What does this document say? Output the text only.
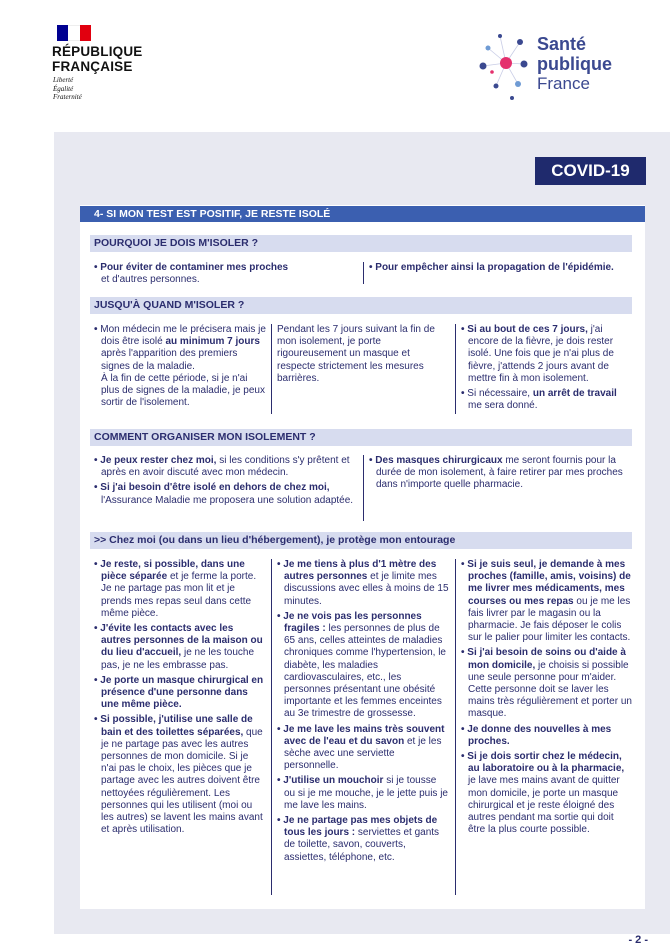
RÉPUBLIQUE
FRANÇAISE
Liberté
Égalité
Fraternité
Santé
publique
France
COVID-19
4- SI MON TEST EST POSITIF, JE RESTE ISOLÉ
POURQUOI JE DOIS M'ISOLER ?
• Pour éviter de contaminer mes proches
et d'autres personnes.
• Pour empêcher ainsi la propagation de l'épidémie.
JUSQU'À QUAND M'ISOLER ?
• Mon médecin me le précisera mais je dois être isolé au minimum 7 jours après l'apparition des premiers signes de la maladie.
À la fin de cette période, si je n'ai plus de signes de la maladie, je peux sortir de l'isolement.
Pendant les 7 jours suivant la fin de mon isolement, je porte rigoureusement un masque et respecte strictement les mesures barrières.

• Si au bout de ces 7 jours, j'ai encore de la fièvre, je dois rester isolé. Une fois que je n'ai plus de fièvre, j'attends 2 jours avant de mettre fin à mon isolement.

• Si nécessaire, un arrêt de travail me sera donné.
COMMENT ORGANISER MON ISOLEMENT ?

• Je peux rester chez moi, si les conditions s'y prêtent et après en avoir discuté avec mon médecin.

• Si j'ai besoin d'être isolé en dehors de chez moi, l'Assurance Maladie me proposera une solution adaptée.
• Des masques chirurgicaux me seront fournis pour la durée de mon isolement, à faire retirer par mes proches dans n'importe quelle pharmacie.
>> Chez moi (ou dans un lieu d'hébergement), je protège mon entourage

• Je reste, si possible, dans une pièce séparée et je ferme la porte. Je ne partage pas mon lit et je prends mes repas seul dans cette même pièce.

• J'évite les contacts avec les autres personnes de la maison ou du lieu d'accueil, je ne les touche pas, je ne les embrasse pas.

• Je porte un masque chirurgical en présence d'une personne dans une même pièce.

• Si possible, j'utilise une salle de bain et des toilettes séparées, que je ne partage pas avec les autres personnes de mon domicile. Si je n'ai pas le choix, les pièces que je partage avec les autres doivent être nettoyées régulièrement. Les personnes qui les utilisent (moi ou les autres) se lavent les mains avant et après utilisation.

• Je me tiens à plus d'1 mètre des autres personnes et je limite mes discussions avec elles à moins de 15 minutes.

• Je ne vois pas les personnes fragiles : les personnes de plus de 65 ans, celles atteintes de maladies chroniques comme l'hypertension, le diabète, les maladies cardiovasculaires, etc., les personnes présentant une obésité importante et les femmes enceintes au 3e trimestre de grossesse.

• Je me lave les mains très souvent avec de l'eau et du savon et je les sèche avec une serviette personnelle.

• J'utilise un mouchoir si je tousse ou si je me mouche, je le jette puis je me lave les mains.

• Je ne partage pas mes objets de tous les jours : serviettes et gants de toilette, savon, couverts, assiettes, téléphone, etc.

• Si je suis seul, je demande à mes proches (famille, amis, voisins) de me livrer mes médicaments, mes courses ou mes repas ou je me les fais livrer par le magasin ou la pharmacie. Je fais déposer le colis sur le palier pour limiter les contacts.

• Si j'ai besoin de soins ou d'aide à mon domicile, je choisis si possible une seule personne pour m'aider. Cette personne doit se laver les mains très régulièrement et porter un masque.

• Je donne des nouvelles à mes proches.

• Si je dois sortir chez le médecin, au laboratoire ou à la pharmacie, je lave mes mains avant de quitter mon domicile, je porte un masque chirurgical et je reste éloigné des autres pendant ma sortie qui doit être la plus courte possible.

- 2 -
